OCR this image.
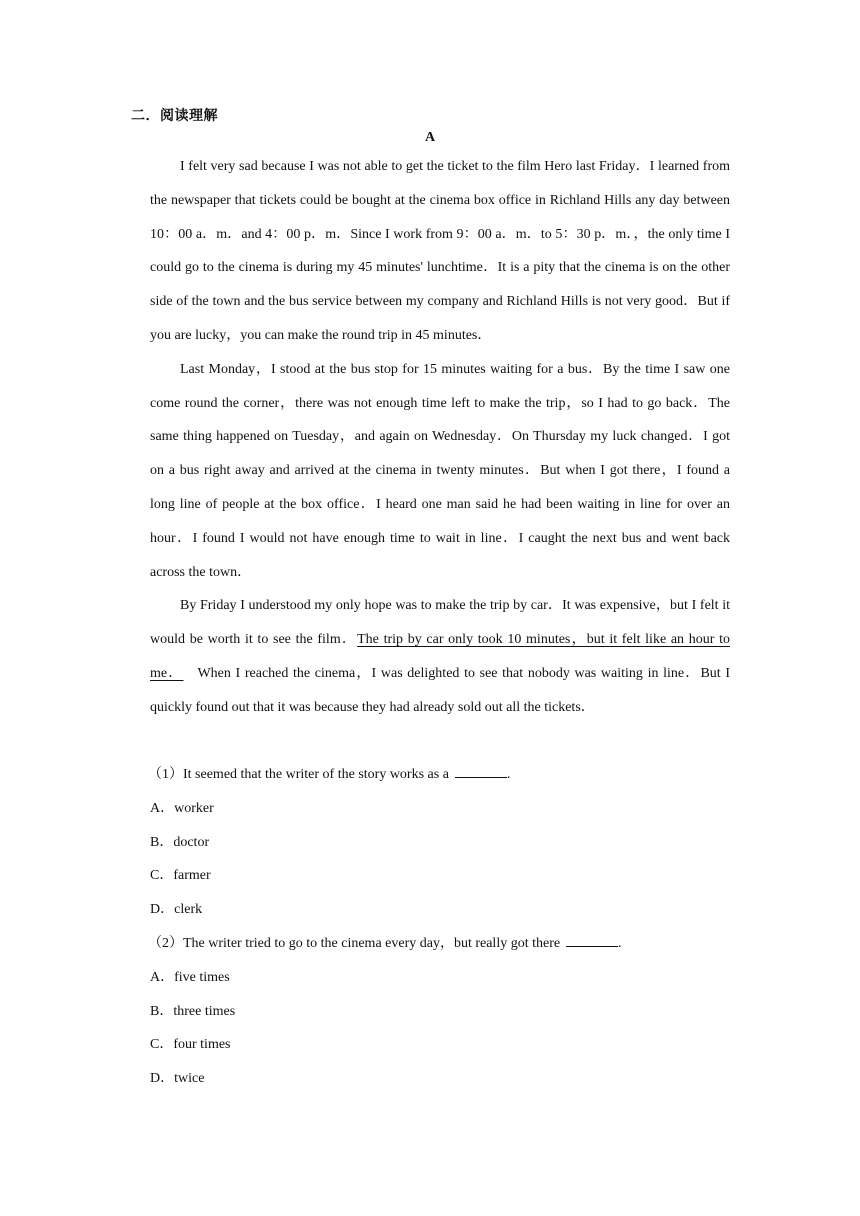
二．阅读理解
A

I felt very sad because I was not able to get the ticket to the film Hero last Friday．I learned from the newspaper that tickets could be bought at the cinema box office in Richland Hills any day between 10：00 a．m．and 4：00 p．m．Since I work from 9：00 a．m．to 5：30 p．m．，the only time I could go to the cinema is during my 45 minutes' lunchtime．It is a pity that the cinema is on the other side of the town and the bus service between my company and Richland Hills is not very good．But if you are lucky，you can make the round trip in 45 minutes．

Last Monday，I stood at the bus stop for 15 minutes waiting for a bus．By the time I saw one come round the corner，there was not enough time left to make the trip，so I had to go back．The same thing happened on Tuesday，and again on Wednesday．On Thursday my luck changed．I got on a bus right away and arrived at the cinema in twenty minutes．But when I got there，I found a long line of people at the box office．I heard one man said he had been waiting in line for over an hour．I found I would not have enough time to wait in line．I caught the next bus and went back across the town．

By Friday I understood my only hope was to make the trip by car．It was expensive，but I felt it would be worth it to see the film．The trip by car only took 10 minutes，but it felt like an hour to me． When I reached the cinema，I was delighted to see that nobody was waiting in line．But I quickly found out that it was because they had already sold out all the tickets．

（1）It seemed that the writer of the story works as a	.
A．worker
B．doctor
C．farmer
D．clerk
（2）The writer tried to go to the cinema every day，but really got there	.
A．five times
B．three times
C．four times
D．twice
